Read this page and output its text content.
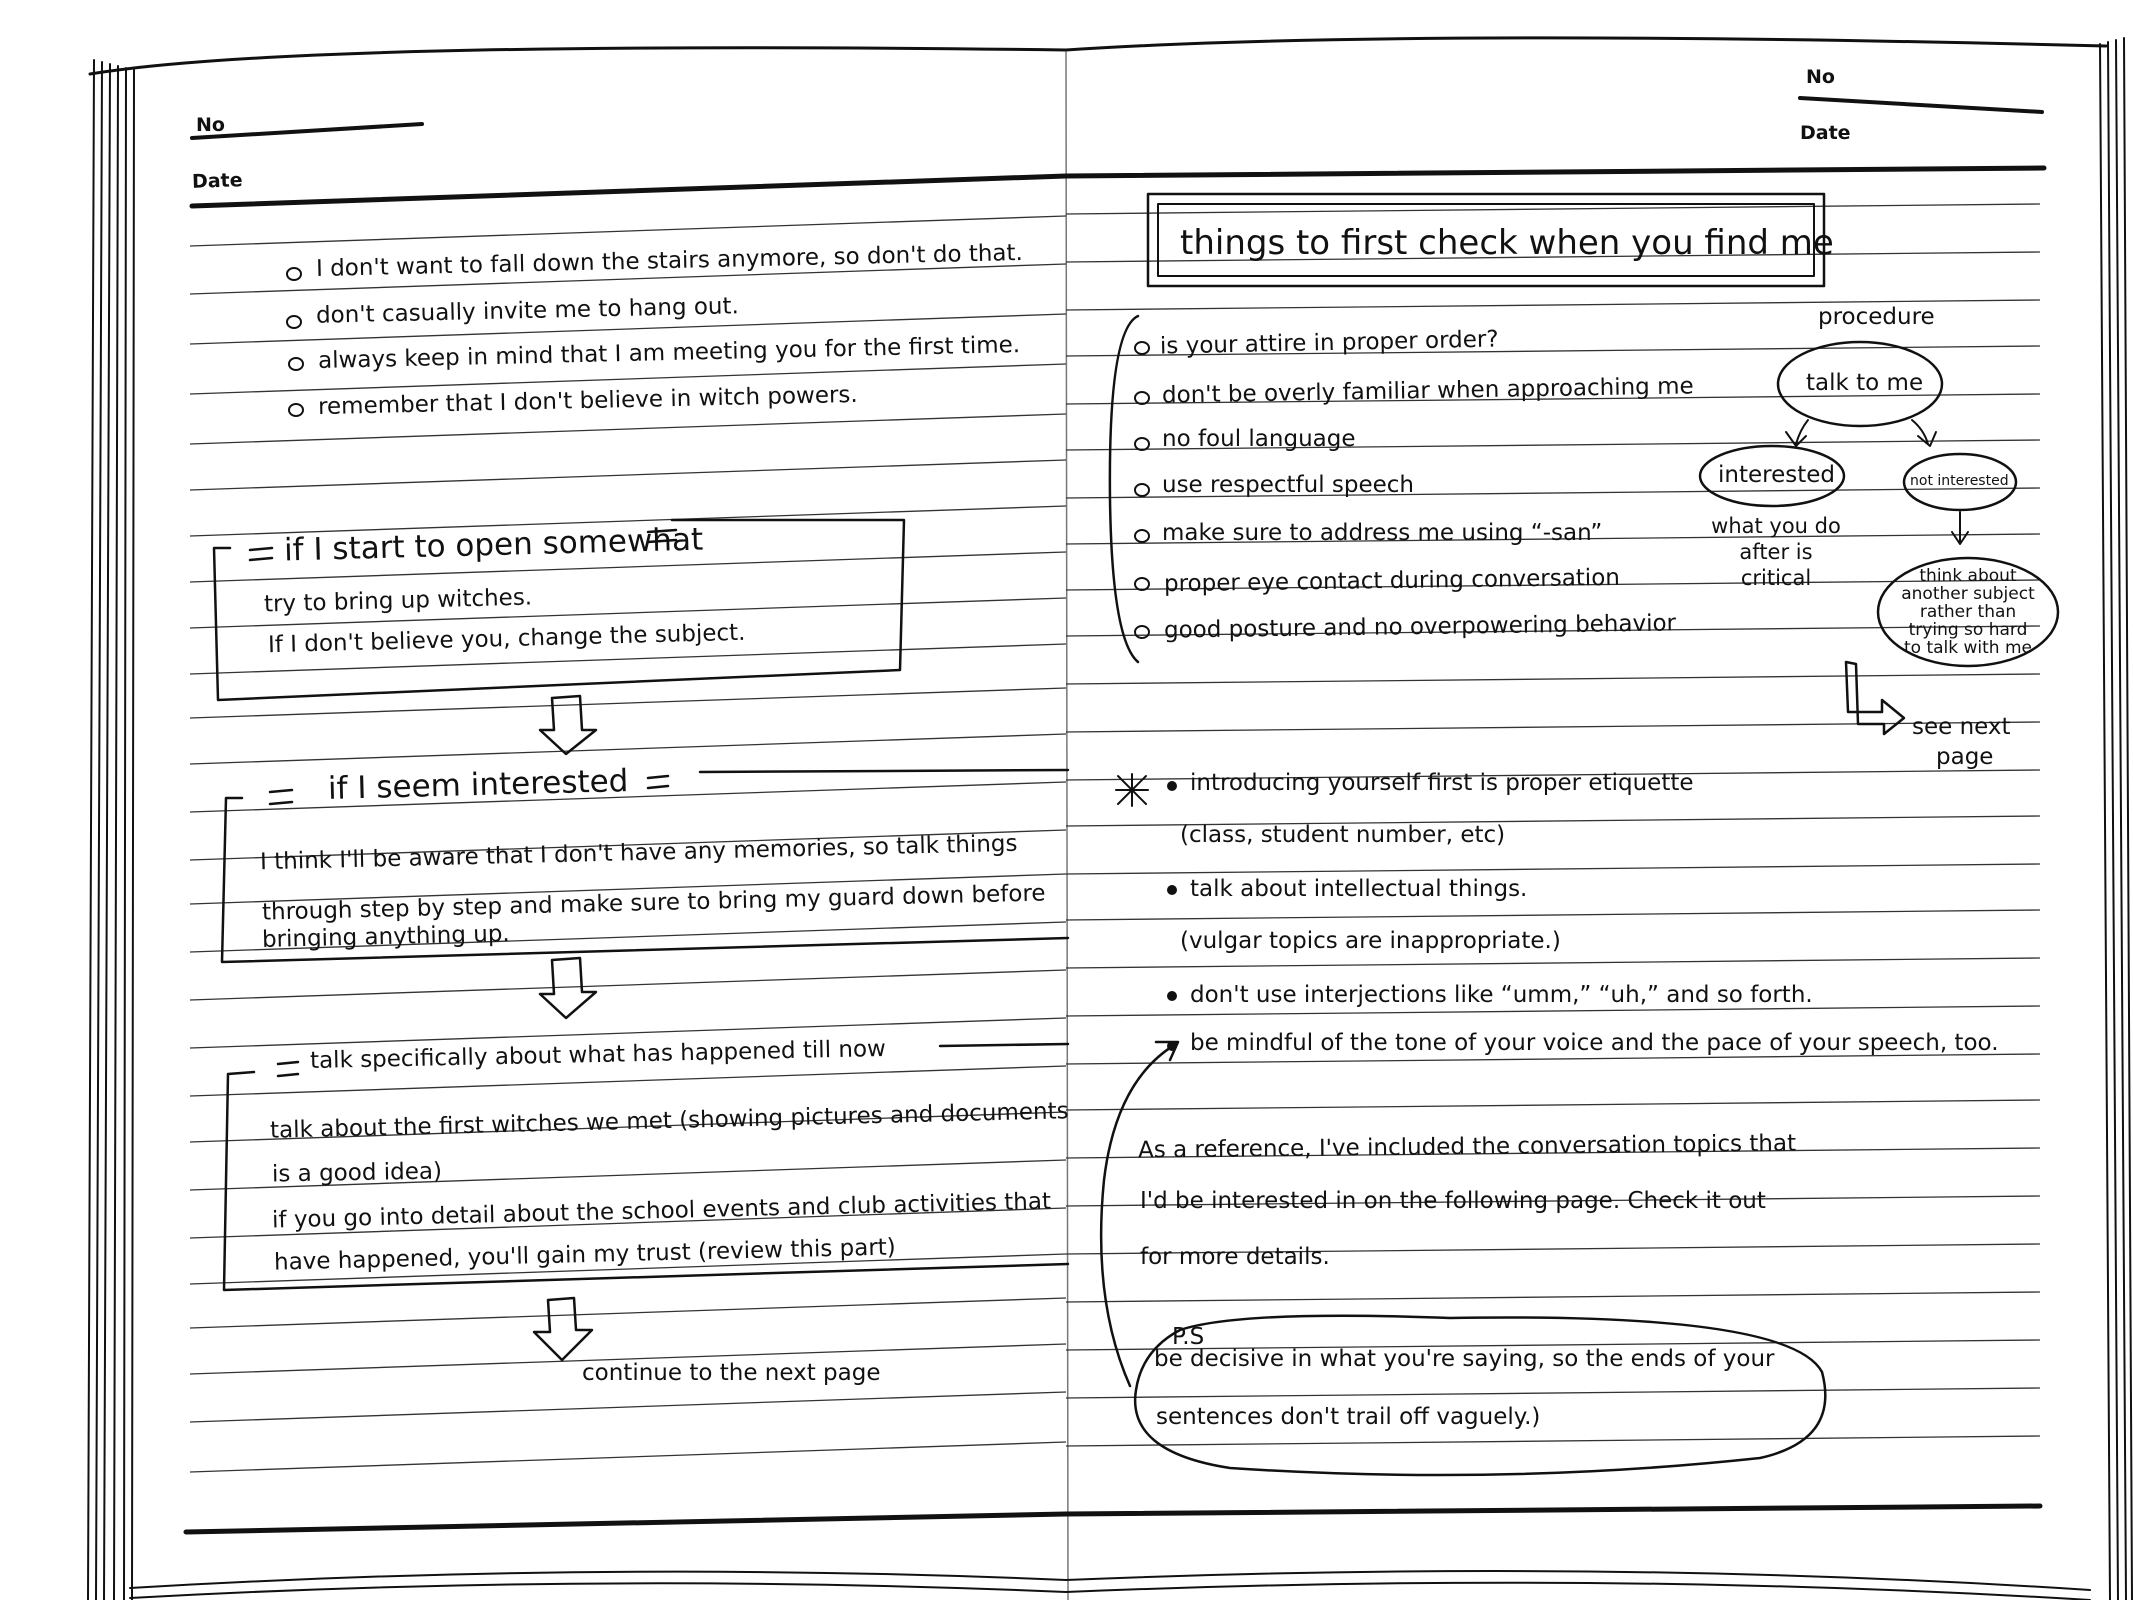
No
Date
I don't want to fall down the stairs anymore, so don't do that.
don't casually invite me to hang out.
always keep in mind that I am meeting you for the first time.
remember that I don't believe in witch powers.
if I start to open somewhat
try to bring up witches.
If I don't believe you, change the subject.
if I seem interested
I think I'll be aware that I don't have any memories, so talk things
through step by step and make sure to bring my guard down before
bringing anything up.
talk specifically about what has happened till now
talk about the first witches we met (showing pictures and documents
is a good idea)
if you go into detail about the school events and club activities that
have happened, you'll gain my trust (review this part)
continue to the next page
No
Date
things to first check when you find me
is your attire in proper order?
don't be overly familiar when approaching me
no foul language
use respectful speech
make sure to address me using “-san”
proper eye contact during conversation
good posture and no overpowering behavior
procedure
talk to me
interested	not interested
what you do
after is
critical	think about
another subject
rather than
trying so hard
to talk with me
see next
page
introducing yourself first is proper etiquette
(class, student number, etc)
talk about intellectual things.
(vulgar topics are inappropriate.)
don't use interjections like “umm,” “uh,” and so forth.
be mindful of the tone of your voice and the pace of your speech, too.
As a reference, I've included the conversation topics that
I'd be interested in on the following page. Check it out
for more details.
P.S
be decisive in what you're saying, so the ends of your
sentences don't trail off vaguely.)
